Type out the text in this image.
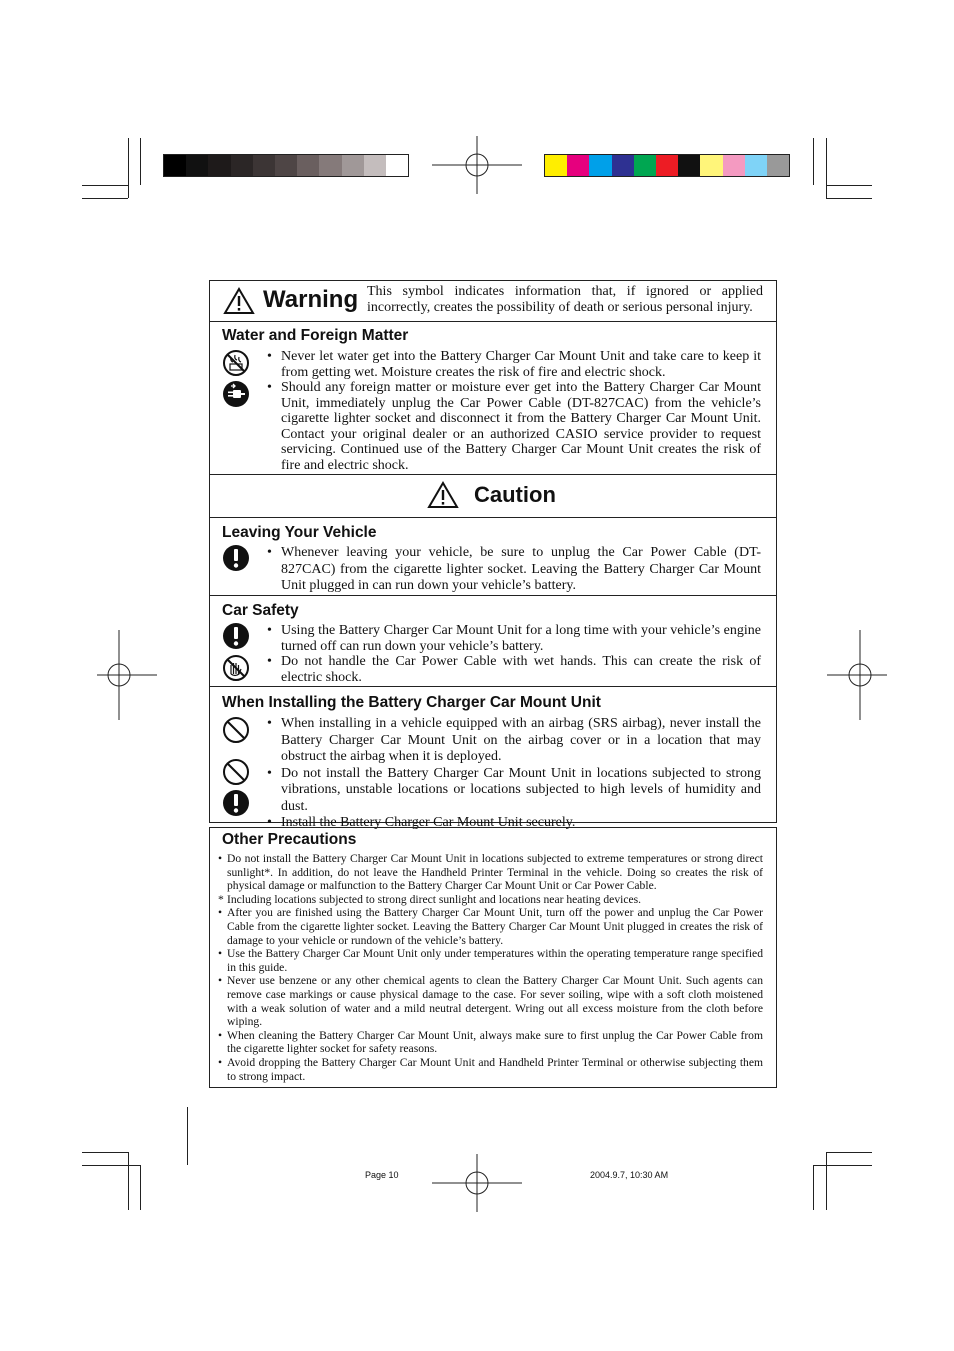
Warning This symbol indicates information that, if ignored or applied incorrectly, creates the possibility of death or serious personal injury.
Water and Foreign Matter
• Never let water get into the Battery Charger Car Mount Unit and take care to keep it from getting wet. Moisture creates the risk of fire and electric shock.
• Should any foreign matter or moisture ever get into the Battery Charger Car Mount Unit, immediately unplug the Car Power Cable (DT-827CAC) from the vehicle’s cigarette lighter socket and disconnect it from the Battery Charger Car Mount Unit. Contact your original dealer or an authorized CASIO service provider to request servicing. Continued use of the Battery Charger Car Mount Unit creates the risk of fire and electric shock.
Caution
Leaving Your Vehicle
• Whenever leaving your vehicle, be sure to unplug the Car Power Cable (DT-827CAC) from the cigarette lighter socket. Leaving the Battery Charger Car Mount Unit plugged in can run down your vehicle’s battery.
Car Safety
• Using the Battery Charger Car Mount Unit for a long time with your vehicle’s engine turned off can run down your vehicle’s battery.
• Do not handle the Car Power Cable with wet hands. This can create the risk of electric shock.
When Installing the Battery Charger Car Mount Unit
• When installing in a vehicle equipped with an airbag (SRS airbag), never install the Battery Charger Car Mount Unit on the airbag cover or in a location that may obstruct the airbag when it is deployed.
• Do not install the Battery Charger Car Mount Unit in locations subjected to strong vibrations, unstable locations or locations subjected to high levels of humidity and dust.
• Install the Battery Charger Car Mount Unit securely.
Other Precautions
• Do not install the Battery Charger Car Mount Unit in locations subjected to extreme temperatures or strong direct sunlight*. In addition, do not leave the Handheld Printer Terminal in the vehicle. Doing so creates the risk of physical damage or malfunction to the Battery Charger Car Mount Unit or Car Power Cable.
* Including locations subjected to strong direct sunlight and locations near heating devices.
• After you are finished using the Battery Charger Car Mount Unit, turn off the power and unplug the Car Power Cable from the cigarette lighter socket. Leaving the Battery Charger Car Mount Unit plugged in creates the risk of damage to your vehicle or rundown of the vehicle’s battery.
• Use the Battery Charger Car Mount Unit only under temperatures within the operating temperature range specified in this guide.
• Never use benzene or any other chemical agents to clean the Battery Charger Car Mount Unit. Such agents can remove case markings or cause physical damage to the case. For sever soiling, wipe with a soft cloth moistened with a weak solution of water and a mild neutral detergent. Wring out all excess moisture from the cloth before wiping.
• When cleaning the Battery Charger Car Mount Unit, always make sure to first unplug the Car Power Cable from the cigarette lighter socket for safety reasons.
• Avoid dropping the Battery Charger Car Mount Unit and Handheld Printer Terminal or otherwise subjecting them to strong impact.
Page 10	2004.9.7, 10:30 AM
